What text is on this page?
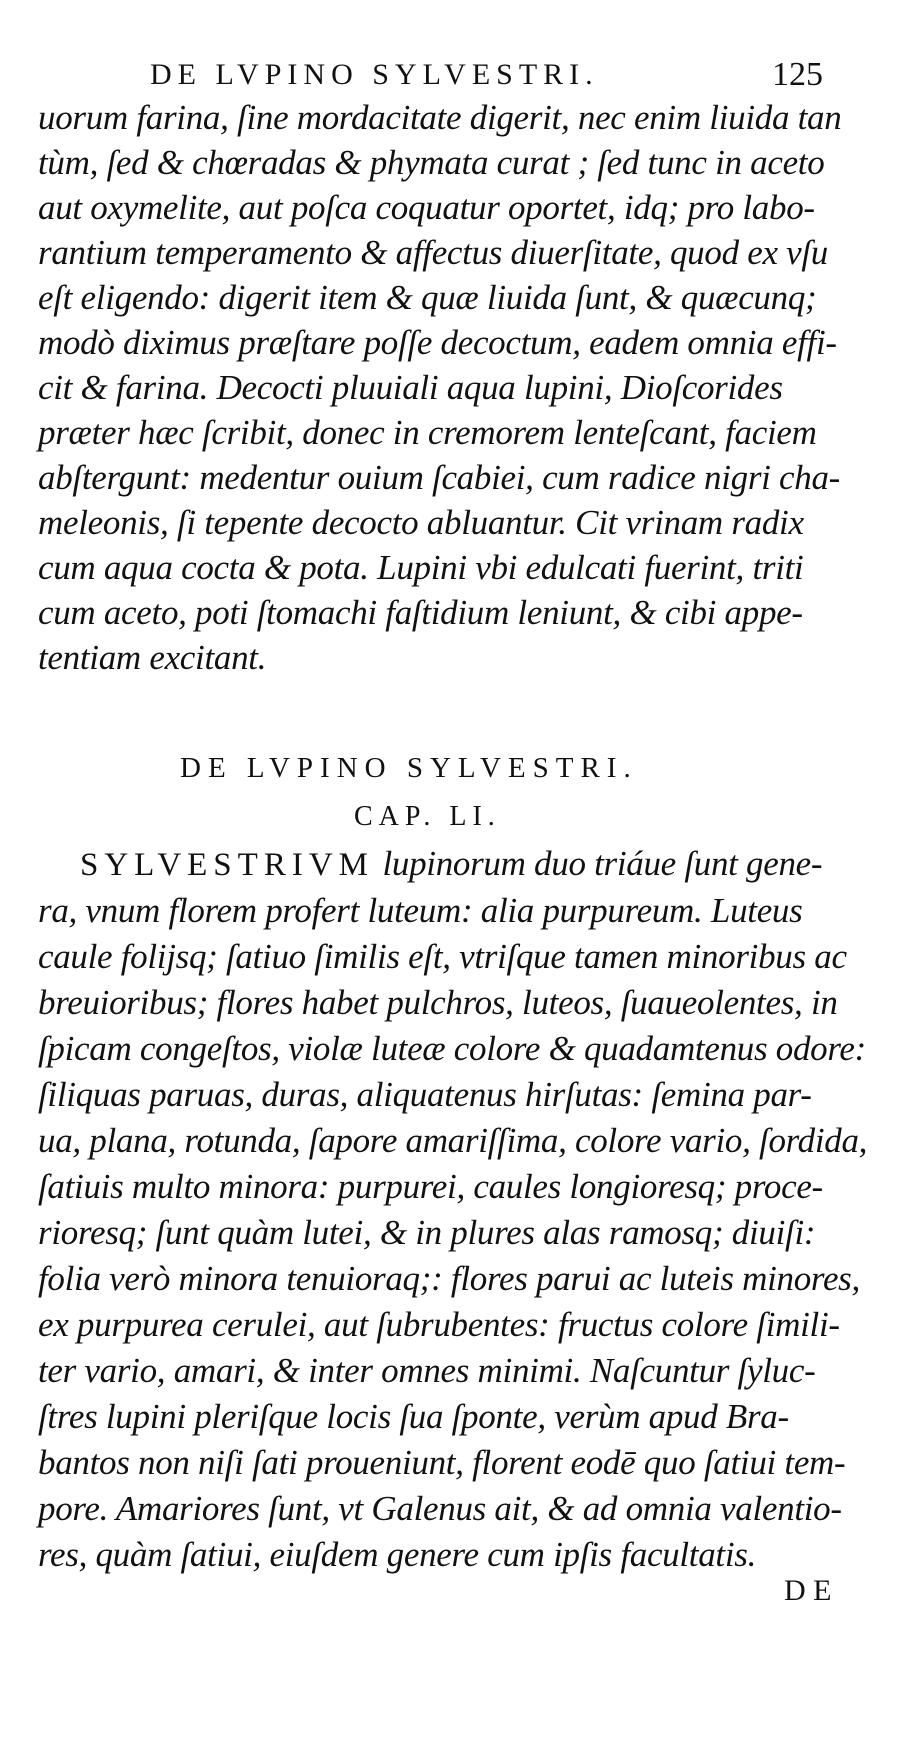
DE LVPINO SYLVESTRI.	125
uorum farina, ſine mordacitate digerit, nec enim liuida tan
tùm, ſed & chœradas & phymata curat ; ſed tunc in aceto
aut oxymelite, aut poſca coquatur oportet, idq; pro labo-
rantium temperamento & affectus diuerſitate, quod ex vſu
eſt eligendo: digerit item & quæ liuida ſunt, & quæcunq;
modò diximus præſtare poſſe decoctum, eadem omnia effi-
cit & farina. Decocti pluuiali aqua lupini, Dioſcorides
præter hæc ſcribit, donec in cremorem lenteſcant, faciem
abſtergunt: medentur ouium ſcabiei, cum radice nigri cha-
meleonis, ſi tepente decocto abluantur. Cit vrinam radix
cum aqua cocta & pota. Lupini vbi edulcati fuerint, triti
cum aceto, poti ſtomachi faſtidium leniunt, & cibi appe-
tentiam excitant.
DE LVPINO SYLVESTRI.
CAP. LI.
SYLVESTRIVM lupinorum duo triáue ſunt gene-
ra, vnum florem profert luteum: alia purpureum. Luteus
caule folijsq; ſatiuo ſimilis eſt, vtriſque tamen minoribus ac
breuioribus; flores habet pulchros, luteos, ſuaueolentes, in
ſpicam congeſtos, violæ luteæ colore & quadamtenus odore:
ſiliquas paruas, duras, aliquatenus hirſutas: ſemina par-
ua, plana, rotunda, ſapore amariſſima, colore vario, ſordida,
ſatiuis multo minora: purpurei, caules longioresq; proce-
rioresq; ſunt quàm lutei, & in plures alas ramosq; diuiſi:
folia verò minora tenuioraq;: flores parui ac luteis minores,
ex purpurea cerulei, aut ſubrubentes: fructus colore ſimili-
ter vario, amari, & inter omnes minimi. Naſcuntur ſyluc-
ſtres lupini pleriſque locis ſua ſponte, verùm apud Bra-
bantos non niſi ſati proueniunt, florent eodē quo ſatiui tem-
pore. Amariores ſunt, vt Galenus ait, & ad omnia valentio-
res, quàm ſatiui, eiuſdem genere cum ipſis facultatis.
D E
